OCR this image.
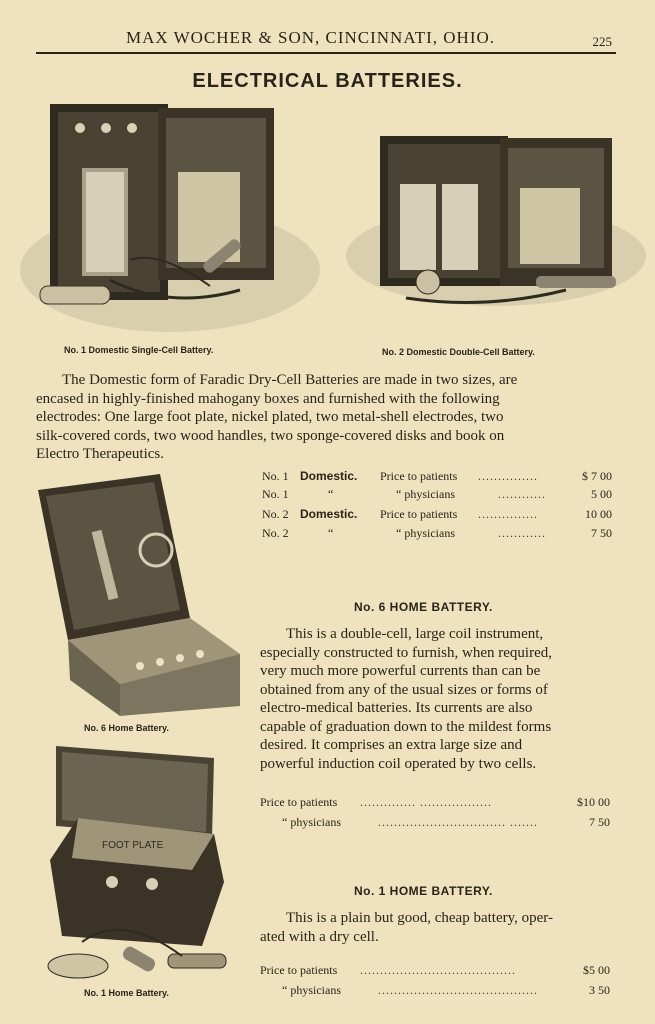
MAX WOCHER & SON, CINCINNATI, OHIO.	225
ELECTRICAL BATTERIES.
No. 1 Domestic Single-Cell Battery.	No. 2 Domestic Double-Cell Battery.
The Domestic form of Faradic Dry-Cell Batteries are made in two sizes, are
encased in highly-finished mahogany boxes and furnished with the following
electrodes: One large foot plate, nickel plated, two metal-shell electrodes, two
silk-covered cords, two wood handles, two sponge-covered disks and book on
Electro Therapeutics.
No. 1 Domestic. Price to patients ...............	$ 7 00
No. 1	“	“ physicians	............	5 00
No. 2 Domestic. Price to patients ...............	10 00
No. 2	“	“ physicians	............	7 50
No. 6 Home Battery.
No. 6 HOME BATTERY.
This is a double-cell, large coil instrument,
especially constructed to furnish, when required,
very much more powerful currents than can be
obtained from any of the usual sizes or forms of
electro-medical batteries. Its currents are also
capable of graduation down to the mildest forms
desired. It comprises an extra large size and
powerful induction coil operated by two cells.
Price to patients .............. ..................	$10 00
“ physicians	................................ .......	7 50
FOOT PLATE
No. 1 Home Battery.
No. 1 HOME BATTERY.
This is a plain but good, cheap battery, oper-
ated with a dry cell.
Price to patients .......................................	$5 00
“ physicians	........................................	3 50
